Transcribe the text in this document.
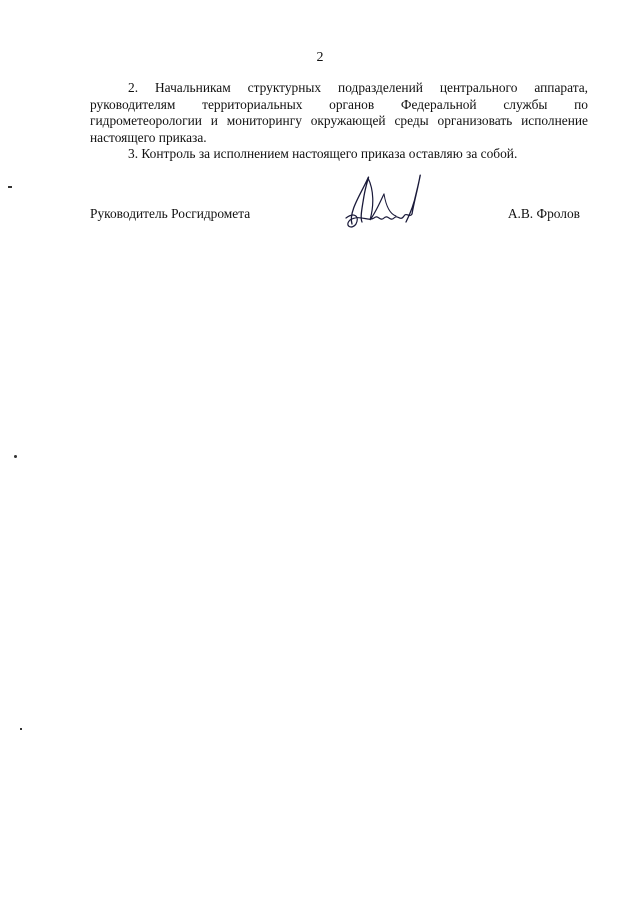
2
2. Начальникам структурных подразделений центрального аппарата,
руководителям территориальных органов Федеральной службы по
гидрометеорологии и мониторингу окружающей среды организовать исполнение
настоящего приказа.
3. Контроль за исполнением настоящего приказа оставляю за собой.
Руководитель Росгидромета	А.В. Фролов
